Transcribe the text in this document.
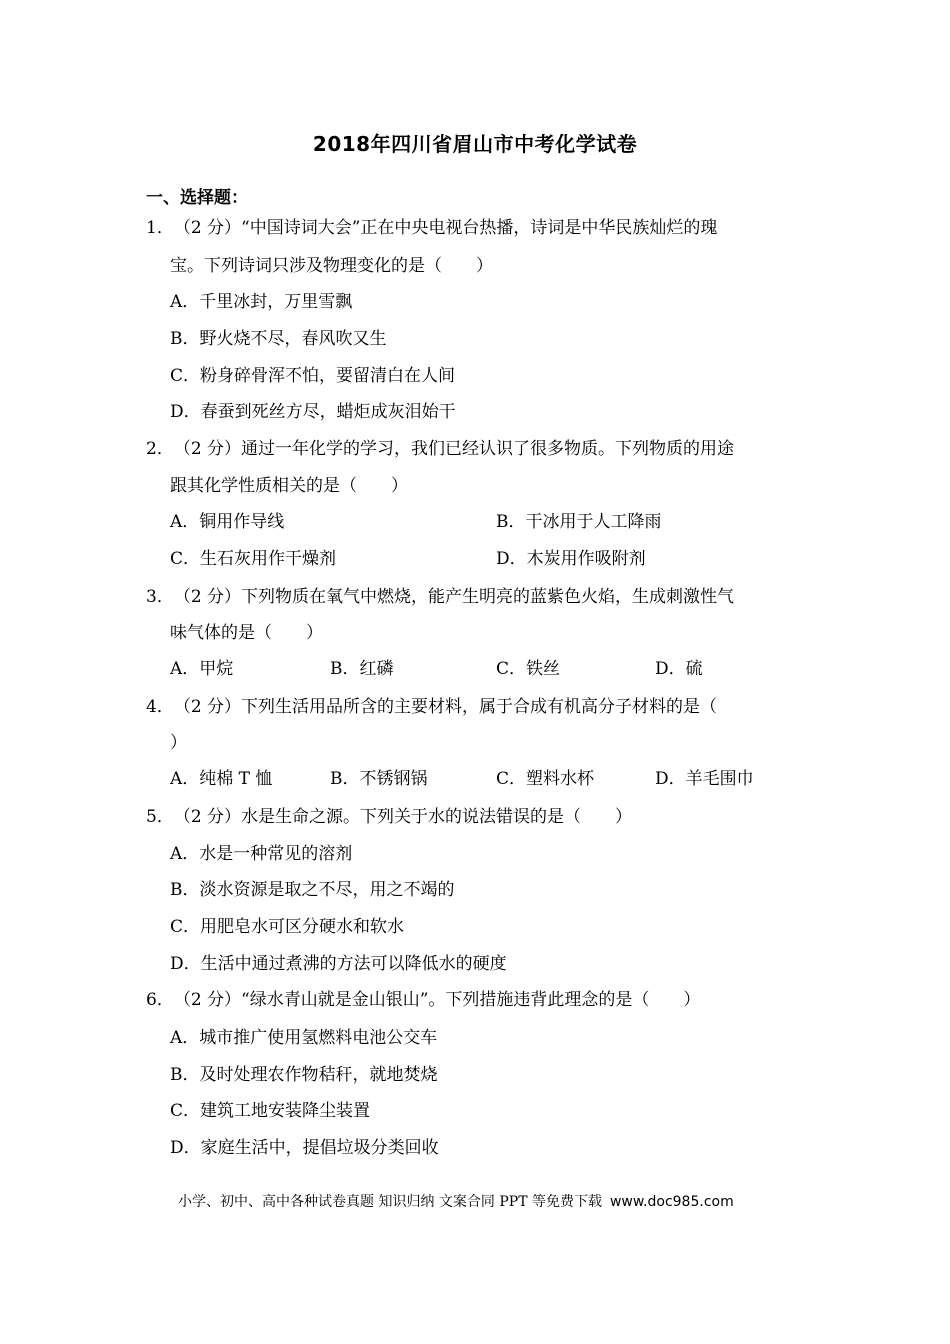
2018年四川省眉山市中考化学试卷
一、选择题：
1．（2 分）“中国诗词大会”正在中央电视台热播，诗词是中华民族灿烂的瑰
宝。下列诗词只涉及物理变化的是（　　）
A．千里冰封，万里雪飘
B．野火烧不尽，春风吹又生
C．粉身碎骨浑不怕，要留清白在人间
D．春蚕到死丝方尽，蜡炬成灰泪始干
2．（2 分）通过一年化学的学习，我们已经认识了很多物质。下列物质的用途
跟其化学性质相关的是（　　）
A．铜用作导线	B．干冰用于人工降雨
C．生石灰用作干燥剂	D．木炭用作吸附剂
3．（2 分）下列物质在氧气中燃烧，能产生明亮的蓝紫色火焰，生成刺激性气
味气体的是（　　）
A．甲烷	B．红磷	C．铁丝	D．硫
4．（2 分）下列生活用品所含的主要材料，属于合成有机高分子材料的是（
）
A．纯棉 T 恤	B．不锈钢锅	C．塑料水杯	D．羊毛围巾
5．（2 分）水是生命之源。下列关于水的说法错误的是（　　）
A．水是一种常见的溶剂
B．淡水资源是取之不尽，用之不竭的
C．用肥皂水可区分硬水和软水
D．生活中通过煮沸的方法可以降低水的硬度
6．（2 分）“绿水青山就是金山银山”。下列措施违背此理念的是（　　）
A．城市推广使用氢燃料电池公交车
B．及时处理农作物秸秆，就地焚烧
C．建筑工地安装降尘装置
D．家庭生活中，提倡垃圾分类回收
小学、初中、高中各种试卷真题 知识归纳 文案合同 PPT 等免费下载 www.doc985.com
